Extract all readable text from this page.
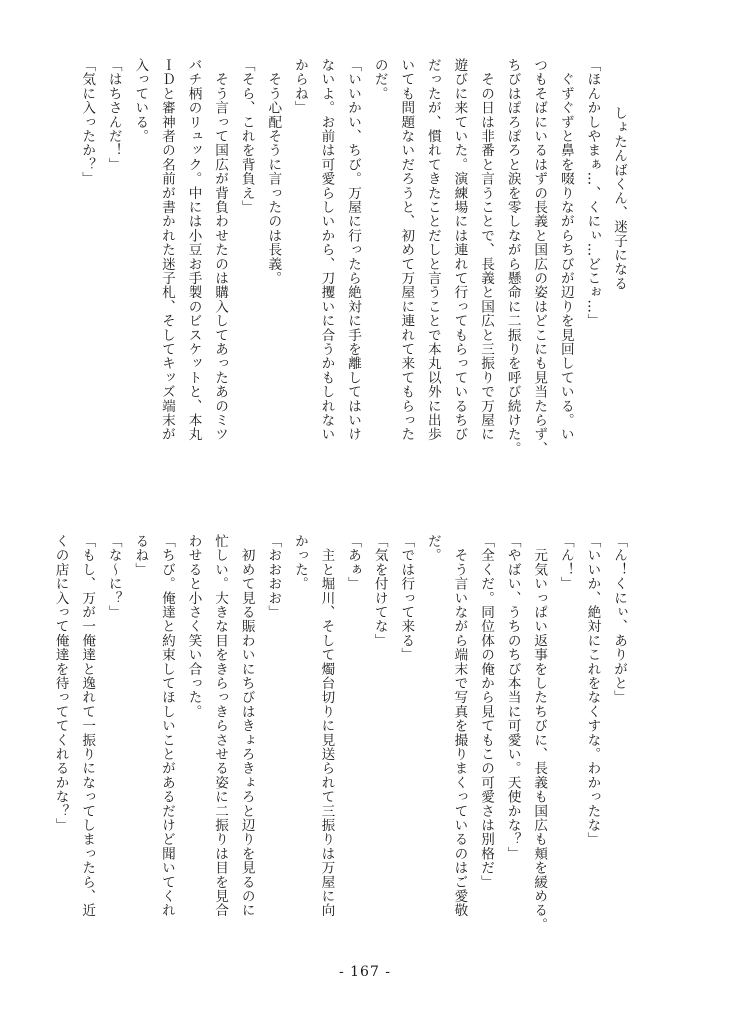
しょたんばくん、迷子になる
「ほんかしやまぁ…、くにぃ…どこぉ…」
　ぐずぐずと鼻を啜りながらちびが辺りを見回している。い
つもそばにいるはずの長義と国広の姿はどこにも見当たらず、
ちびはぽろぽろと涙を零しながら懸命に二振りを呼び続けた。
　その日は非番と言うことで、長義と国広と三振りで万屋に
遊びに来ていた。演練場には連れて行ってもらっているちび
だったが、慣れてきたことだしと言うことで本丸以外に出歩
いても問題ないだろうと、初めて万屋に連れて来てもらった
のだ。
「いいかい、ちび。万屋に行ったら絶対に手を離してはいけ
ないよ。お前は可愛らしいから、刀攫いに合うかもしれない
からね」
　そう心配そうに言ったのは長義。
「そら、これを背負え」
　そう言って国広が背負わせたのは購入してあったあのミツ
バチ柄のリュック。中には小豆お手製のビスケットと、本丸
ＩＤと審神者の名前が書かれた迷子札、そしてキッズ端末が
入っている。
「はちさんだ！」
「気に入ったか？」
「ん！くにぃ、ありがと」
「いいか、絶対にこれをなくすな。わかったな」
「ん！」
　元気いっぱい返事をしたちびに、長義も国広も頬を緩める。
「やばい、うちのちび本当に可愛い。天使かな？」
「全くだ。同位体の俺から見てもこの可愛さは別格だ」
　そう言いながら端末で写真を撮りまくっているのはご愛敬
だ。
「では行って来る」
「気を付けてな」
「あぁ」
　主と堀川、そして燭台切りに見送られて三振りは万屋に向
かった。
「おおおお」
　初めて見る賑わいにちびはきょろきょろと辺りを見るのに
忙しい。大きな目をきらっきらさせる姿に二振りは目を見合
わせると小さく笑い合った。
「ちび。俺達と約束してほしいことがあるだけど聞いてくれ
るね」
「な～に？」
「もし、万が一俺達と逸れて一振りになってしまったら、近
くの店に入って俺達を待っててくれるかな？」
- 167 -
